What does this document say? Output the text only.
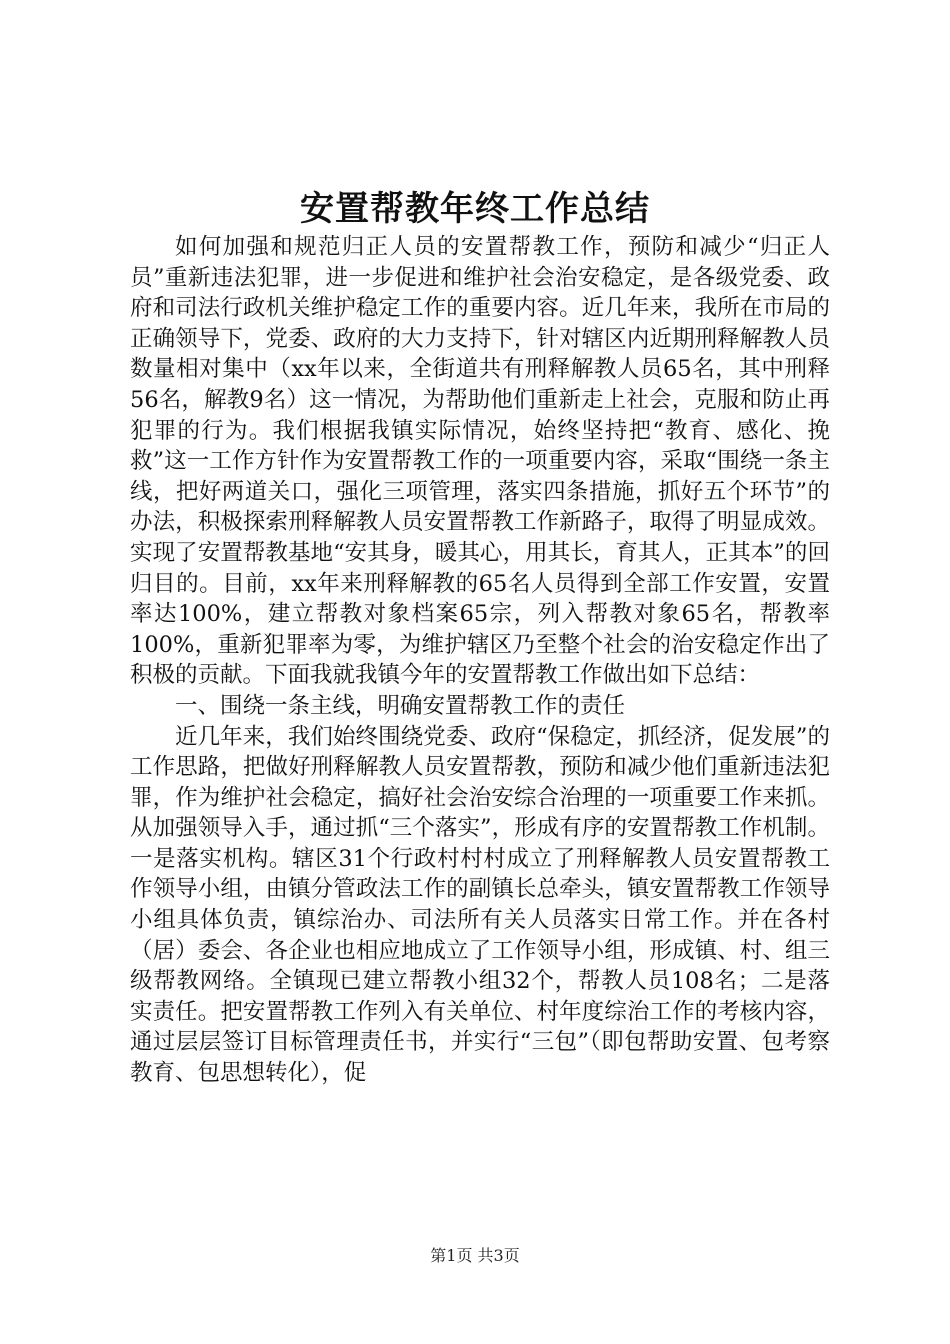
安置帮教年终工作总结

如何加强和规范归正人员的安置帮教工作，预防和减少“归正人员”重新违法犯罪，进一步促进和维护社会治安稳定，是各级党委、政府和司法行政机关维护稳定工作的重要内容。近几年来，我所在市局的正确领导下，党委、政府的大力支持下，针对辖区内近期刑释解教人员数量相对集中（xx年以来，全街道共有刑释解教人员65名，其中刑释56名，解教9名）这一情况，为帮助他们重新走上社会，克服和防止再犯罪的行为。我们根据我镇实际情况，始终坚持把“教育、感化、挽救”这一工作方针作为安置帮教工作的一项重要内容，采取“围绕一条主线，把好两道关口，强化三项管理，落实四条措施，抓好五个环节”的办法，积极探索刑释解教人员安置帮教工作新路子，取得了明显成效。实现了安置帮教基地“安其身，暖其心，用其长，育其人，正其本”的回归目的。目前，xx年来刑释解教的65名人员得到全部工作安置，安置率达100%，建立帮教对象档案65宗，列入帮教对象65名，帮教率100%，重新犯罪率为零，为维护辖区乃至整个社会的治安稳定作出了积极的贡献。下面我就我镇今年的安置帮教工作做出如下总结：

一、围绕一条主线，明确安置帮教工作的责任

近几年来，我们始终围绕党委、政府“保稳定，抓经济，促发展”的工作思路，把做好刑释解教人员安置帮教，预防和减少他们重新违法犯罪，作为维护社会稳定，搞好社会治安综合治理的一项重要工作来抓。从加强领导入手，通过抓“三个落实”，形成有序的安置帮教工作机制。一是落实机构。辖区31个行政村村村成立了刑释解教人员安置帮教工作领导小组，由镇分管政法工作的副镇长总牵头，镇安置帮教工作领导小组具体负责，镇综治办、司法所有关人员落实日常工作。并在各村（居）委会、各企业也相应地成立了工作领导小组，形成镇、村、组三级帮教网络。全镇现已建立帮教小组32个，帮教人员108名；二是落实责任。把安置帮教工作列入有关单位、村年度综治工作的考核内容，通过层层签订目标管理责任书，并实行“三包”（即包帮助安置、包考察教育、包思想转化），促

第1页 共3页
